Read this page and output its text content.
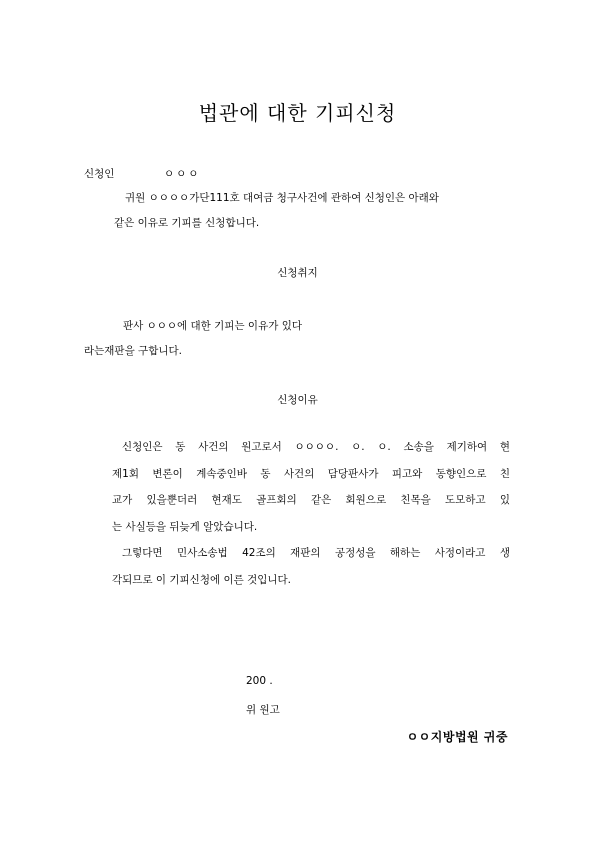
법관에 대한 기피신청
신청인	ㅇㅇㅇ
귀원 ㅇㅇㅇㅇ가단111호 대여금 청구사건에 관하여 신청인은 아래와
같은 이유로 기피를 신청합니다.
신청취지
판사 ㅇㅇㅇ에 대한 기피는 이유가 있다
라는재판을 구합니다.
신청이유

신청인은 동 사건의 원고로서 ㅇㅇㅇㅇ. ㅇ. ㅇ. 소송을 제기하여 현

제1회 변론이 계속중인바 동 사건의 담당판사가 피고와 동향인으로 친

교가 있을뿐더러 현재도 골프회의 같은 회원으로 친목을 도모하고 있

는 사실등을 뒤늦게 알았습니다.

그렇다면 민사소송법 42조의 재판의 공정성을 해하는 사정이라고 생

각되므로 이 기피신청에 이른 것입니다.

200 .
위 원고
ㅇㅇ지방법원 귀중
